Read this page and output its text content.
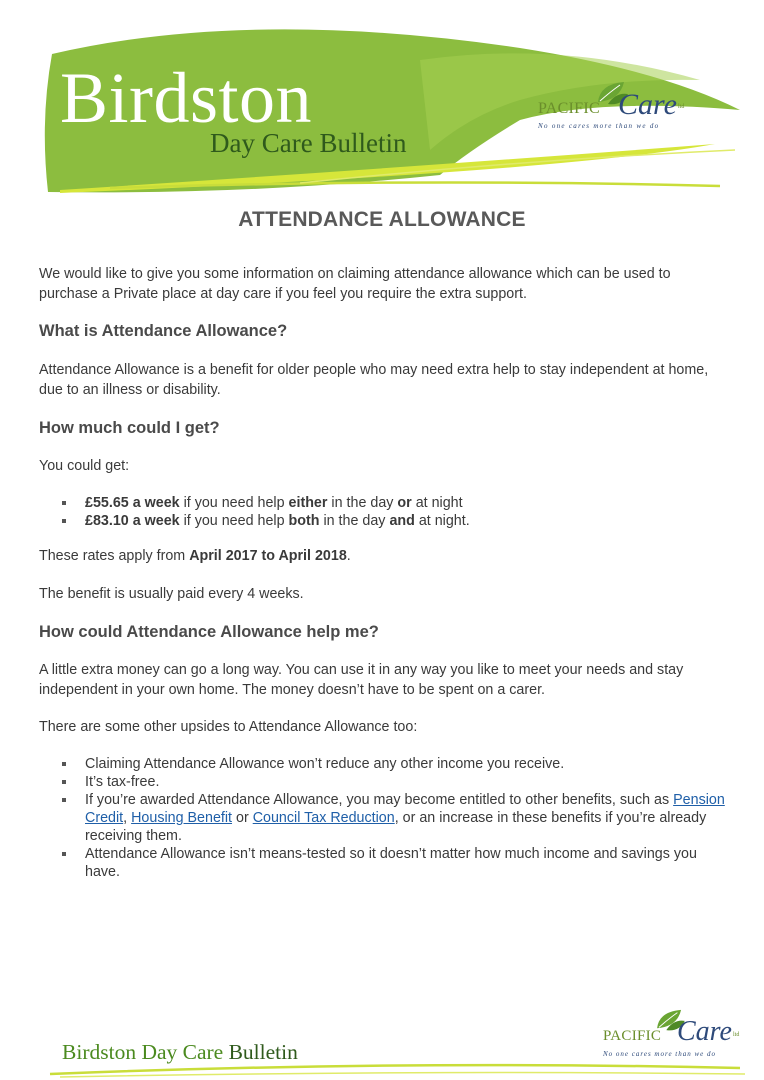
Birdston
Day Care Bulletin
PACIFIC Care ltd
No one cares more than we do
ATTENDANCE ALLOWANCE
We would like to give you some information on claiming attendance allowance which can be used to purchase a Private place at day care if you feel you require the extra support.
What is Attendance Allowance?
Attendance Allowance is a benefit for older people who may need extra help to stay independent at home, due to an illness or disability.
How much could I get?
You could get:
£55.65 a week if you need help either in the day or at night
£83.10 a week if you need help both in the day and at night.
These rates apply from April 2017 to April 2018.
The benefit is usually paid every 4 weeks.
How could Attendance Allowance help me?
A little extra money can go a long way. You can use it in any way you like to meet your needs and stay independent in your own home. The money doesn’t have to be spent on a carer.
There are some other upsides to Attendance Allowance too:
Claiming Attendance Allowance won’t reduce any other income you receive.
It’s tax-free.
If you’re awarded Attendance Allowance, you may become entitled to other benefits, such as Pension Credit, Housing Benefit or Council Tax Reduction, or an increase in these benefits if you’re already receiving them.
Attendance Allowance isn’t means-tested so it doesn’t matter how much income and savings you have.
Birdston Day Care Bulletin
PACIFIC Care ltd
No one cares more than we do
